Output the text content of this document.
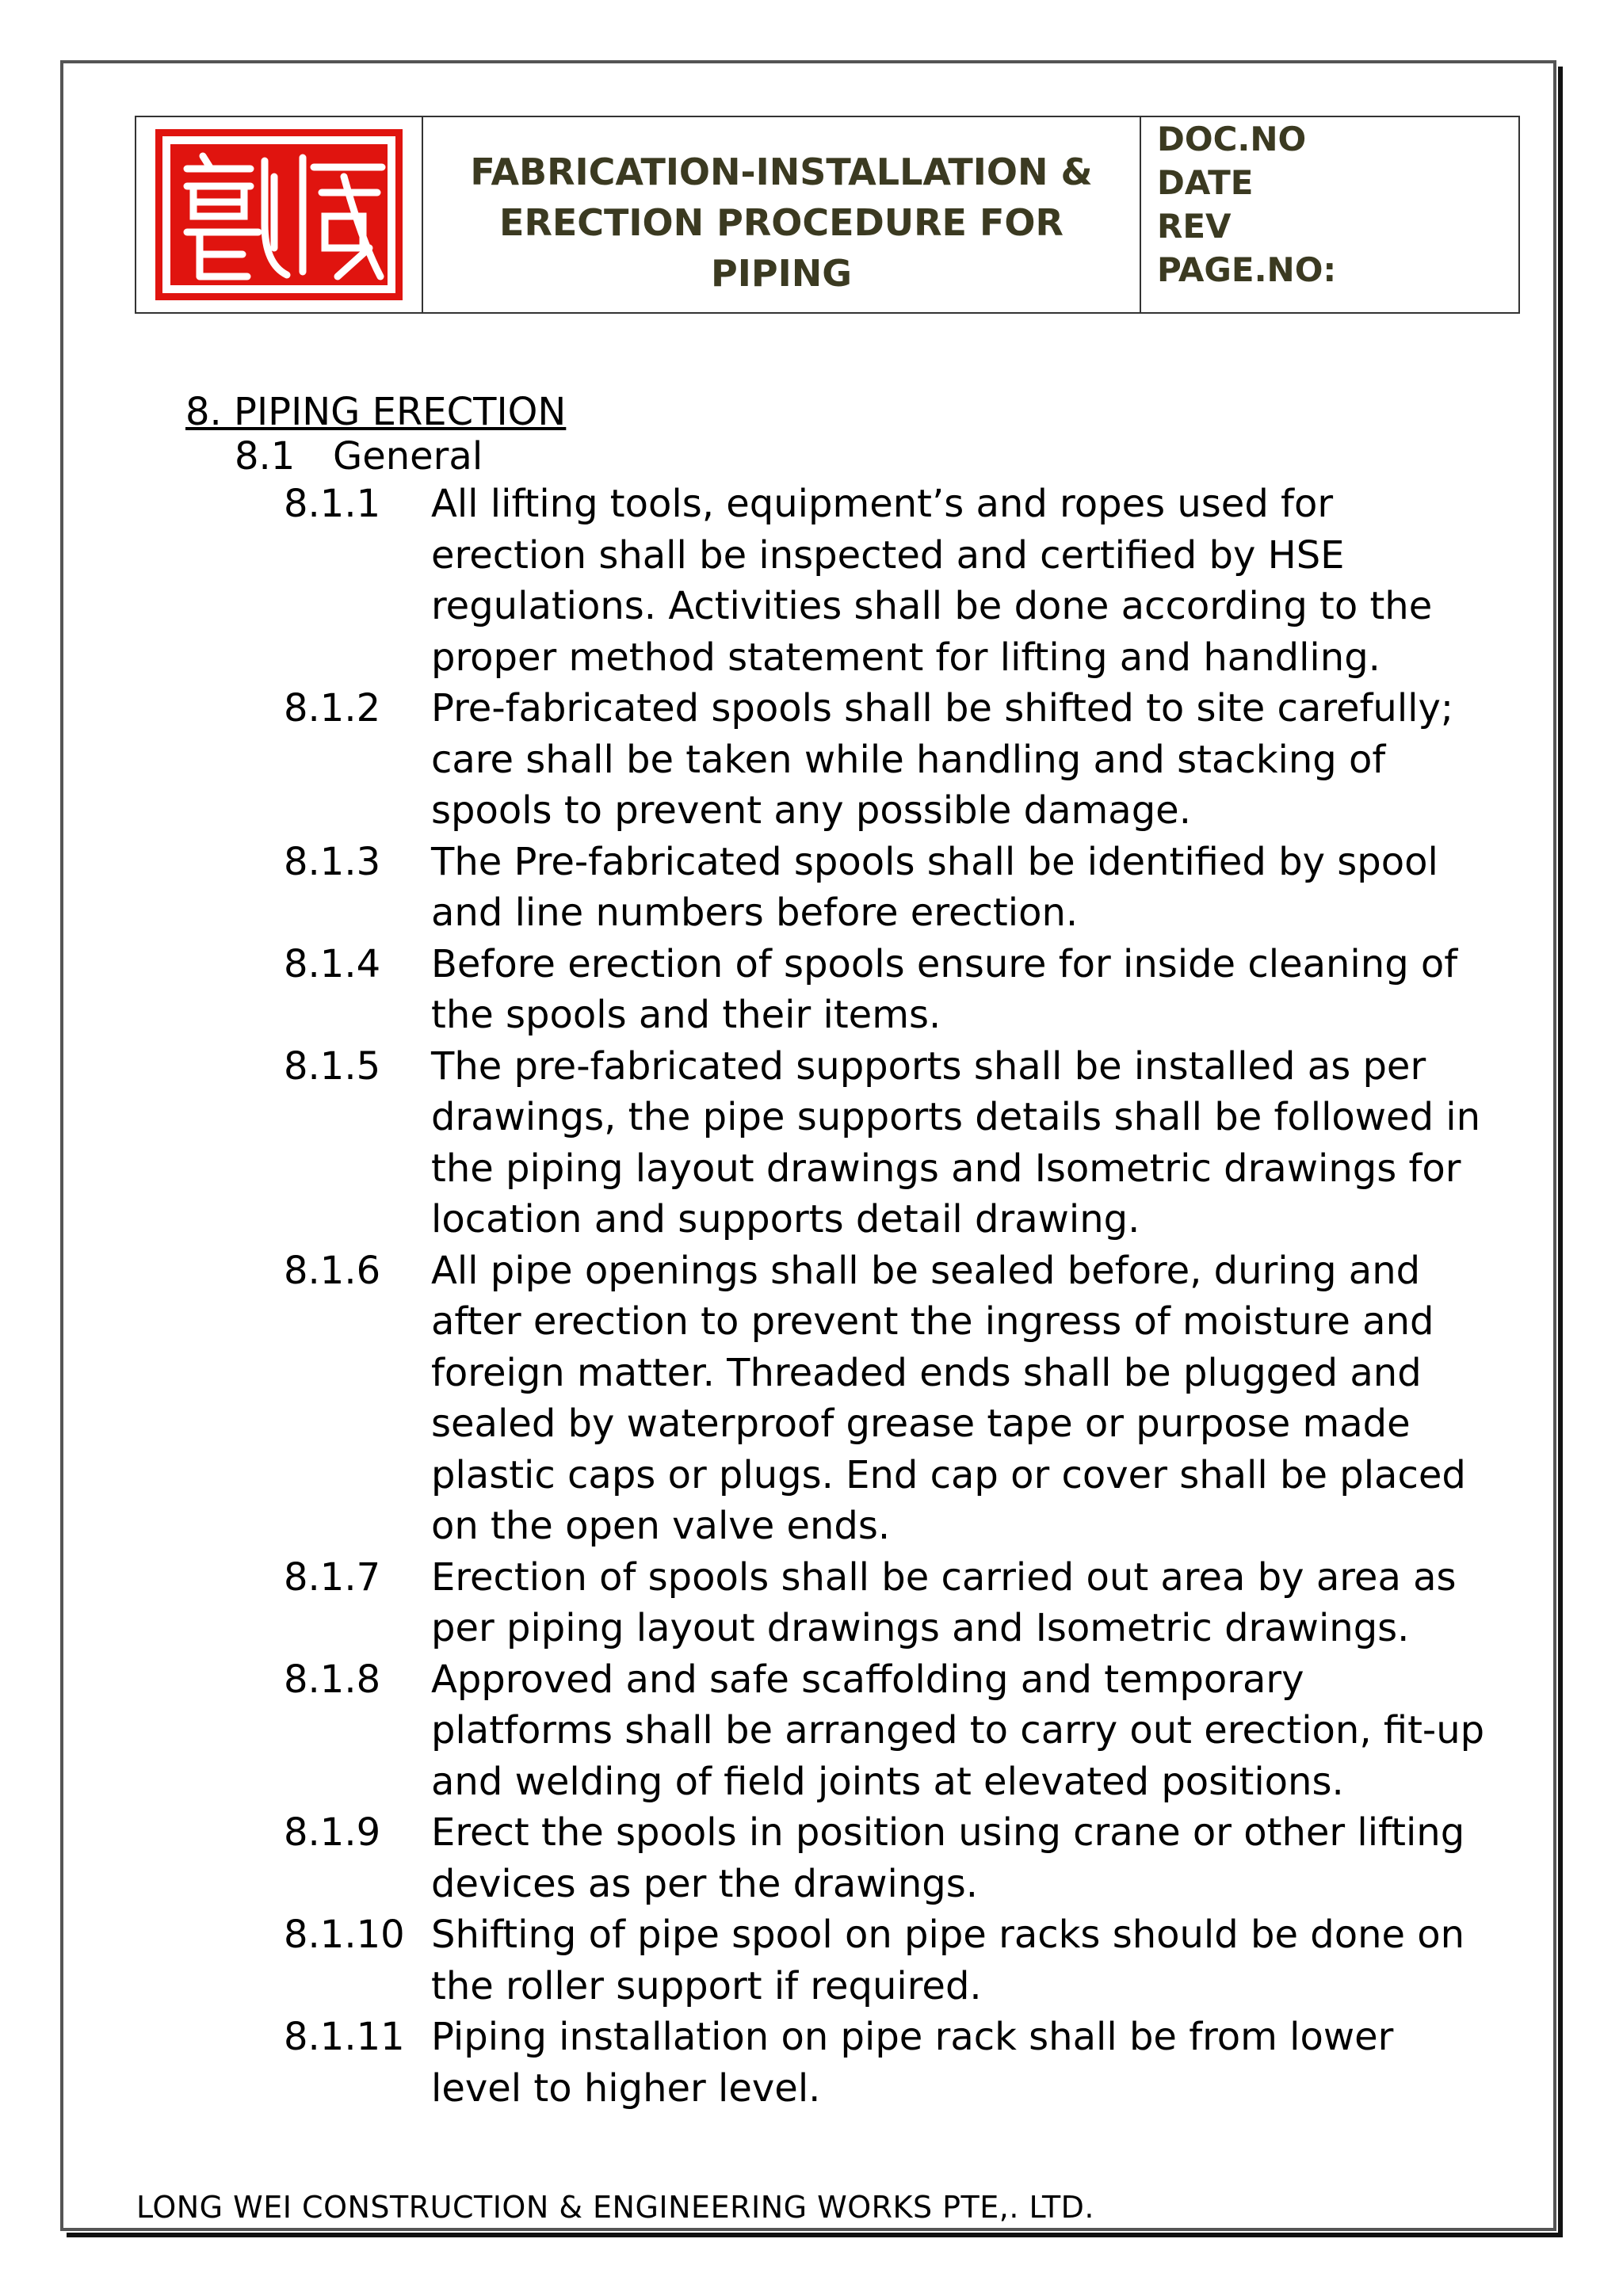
FABRICATION-INSTALLATION &
ERECTION PROCEDURE FOR
PIPING
DOC.NO
DATE
REV
PAGE.NO:
8. PIPING ERECTION
8.1 General
8.1.1	All lifting tools, equipment’s and ropes used for erection shall be inspected and certified by HSE regulations. Activities shall be done according to the proper method statement for lifting and handling.
8.1.2	Pre-fabricated spools shall be shifted to site carefully; care shall be taken while handling and stacking of spools to prevent any possible damage.
8.1.3	The Pre-fabricated spools shall be identified by spool and line numbers before erection.
8.1.4	Before erection of spools ensure for inside cleaning of the spools and their items.
8.1.5	The pre-fabricated supports shall be installed as per drawings, the pipe supports details shall be followed in the piping layout drawings and Isometric drawings for location and supports detail drawing.
8.1.6	All pipe openings shall be sealed before, during and after erection to prevent the ingress of moisture and foreign matter. Threaded ends shall be plugged and sealed by waterproof grease tape or purpose made plastic caps or plugs. End cap or cover shall be placed on the open valve ends.
8.1.7	Erection of spools shall be carried out area by area as per piping layout drawings and Isometric drawings.
8.1.8	Approved and safe scaffolding and temporary platforms shall be arranged to carry out erection, fit-up and welding of field joints at elevated positions.
8.1.9	Erect the spools in position using crane or other lifting devices as per the drawings.
8.1.10 Shifting of pipe spool on pipe racks should be done on the roller support if required.
8.1.11 Piping installation on pipe rack shall be from lower level to higher level.
LONG WEI CONSTRUCTION & ENGINEERING WORKS PTE,. LTD.
